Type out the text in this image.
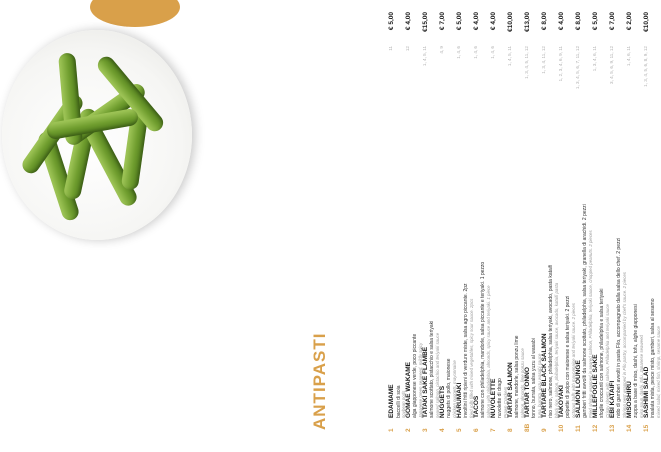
ANTIPASTI
1
EDAMAME baccelli di soia soybean pods
11
€ 5,00
2
GOMAE WAKAME alga giapponese verde, poco piccante Japanese green seaweed, mildly spicy
12
€ 4,00
3
TATAKI SAKE FLAMBÉ salmone scottato, pistacchio e salsa teriyaki seared salmon, pistachio and teriyaki sauce
1, 4, 5, 11
€15,00
4
NUGGETS nuggets di pollo, maionese chicken nuggets, mayonnaise
4, 9
€ 7,00
5
HARUMAKI involtini fritti ripieni di verdure miste, salsa agro piccante. 2pz fried rolls filled with mixed vegetables, spicy sour sauce. 2pcs
1, 4, 6
€ 5,00
6
TACOS salmone con philadelphia, mandorle, salsa piccante e teriyaki. 1 pezzo salmon with philadelphia, almonds, spicy sauce and teriyaki. 1 piece
1, 4, 6
€ 4,00
7
NUVOLETTE nuvolette di drago Prawn Crackers
1, 4, 6
€ 4,00
8
TARTAR SALMON salmone, mandorle, salsa ponzu lime salmon, almonds, lime ponzu sauce
1, 4, 5, 11
€10,00
8B
TARTAR TONNO tonno, burrata, salsa yuzu al wasabi tuna, burrata, yuzu wasabi sauce
1, 3, 4, 5, 11, 12
€13,00
9
TARTARE BLACK SALMON riso nero, salmone, philadelphia, salsa teriyaki, avocado, pasta kataifi black rice, salmon, philadelphia, teriyaki sauce, avocado, kataifi pasta
1, 3, 4, 11, 12
€ 8,00
10
TAKOYAKI polpette di polpo con maionese e salsa teriyaki. 2 pezzi octopus balls with mayonnaise and teriyaki sauce. 2 pieces
1, 2, 3, 4, 6, 9, 11
€ 4,00
11
SALMON LOUNGE gamberi fritti avvolti da salmone scottato, philadelphia, salsa teriyaki, granella di arachidi. 2 pezzi Fried shrimp wrapped in seared salmon, Philadelphia, teriyaki sauce, chopped peanuts. 2 pieces
1, 3, 4, 5, 6, 7, 11, 12
€ 8,00
12
MILLEFOGLIE SAKE sfoglie croccanti con salmone, philadelphia e salsa teriyaki Crispy sheets with salmon, Philadelphia and teriyaki sauce
1, 3, 4, 6, 11
€ 5,00
13
EBI KATAIFI nido di gamberi avvolti in pasta Filo, accompagnato dalla salsa dello chef. 2 pezzi Shrimp nest wrapped in Filo pastry, accompanied by chef's sauce. 2 pieces
3, 4, 5, 6, 9, 11, 12
€ 7,00
14
MISOSHIRU zuppa a base di miso, dashi, tofu, alghe giapponesi miso soup, dashi, tofu, Japanese seaweed
1, 4, 6, 11
€ 2,00
15
SASHIMI SALAD insalata mista, pesce misto, gamberi, salsa al sesamo mixed salad, mixed fish, shrimp, sesame sauce
1, 3, 4, 5, 6, 8, 9, 12
€10,00
